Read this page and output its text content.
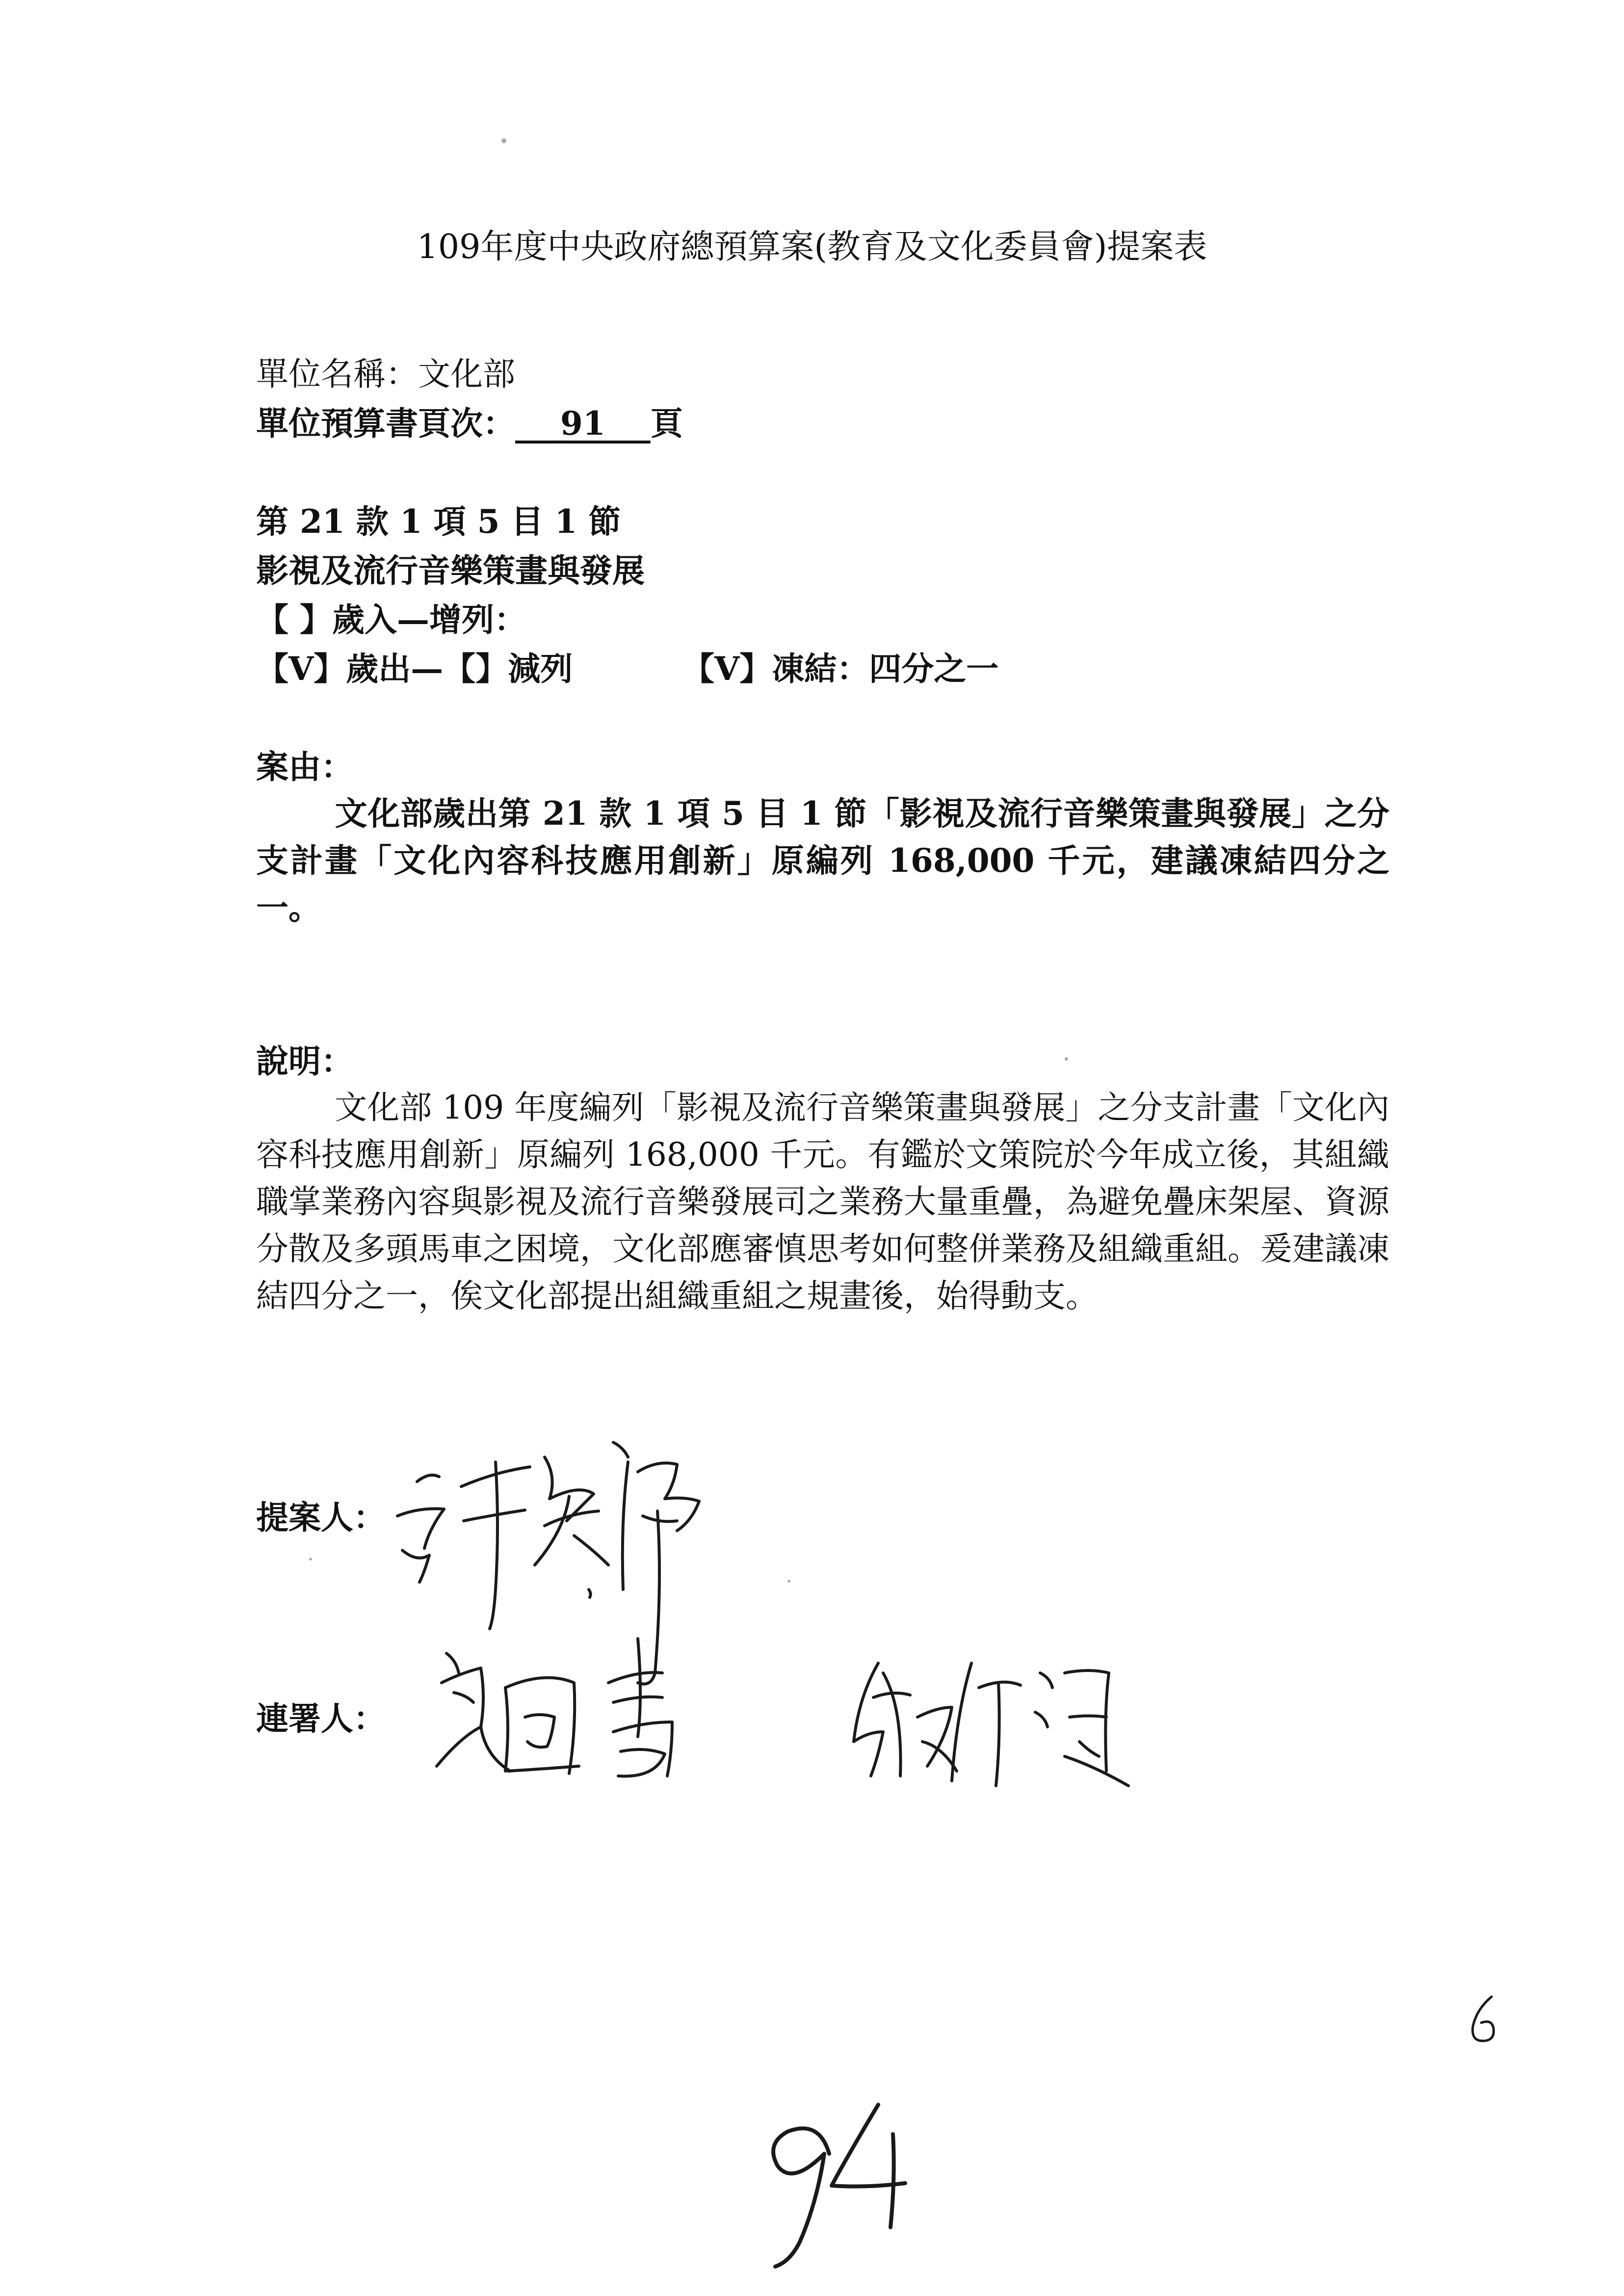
109年度中央政府總預算案(教育及文化委員會)提案表
單位名稱：文化部
單位預算書頁次： 91 頁
第 21 款 1 項 5 目 1 節
影視及流行音樂策畫與發展
【 】歲入—增列：
【V】歲出—【】減列	【V】凍結：四分之一
案由：
文化部歲出第 21 款 1 項 5 目 1 節「影視及流行音樂策畫與發展」之分支計畫「文化內容科技應用創新」原編列 168,000 千元，建議凍結四分之一。
說明：
文化部 109 年度編列「影視及流行音樂策畫與發展」之分支計畫「文化內容科技應用創新」原編列 168,000 千元。有鑑於文策院於今年成立後，其組織職掌業務內容與影視及流行音樂發展司之業務大量重疊，為避免疊床架屋、資源分散及多頭馬車之困境，文化部應審慎思考如何整併業務及組織重組。爰建議凍結四分之一，俟文化部提出組織重組之規畫後，始得動支。
提案人：
連署人：
